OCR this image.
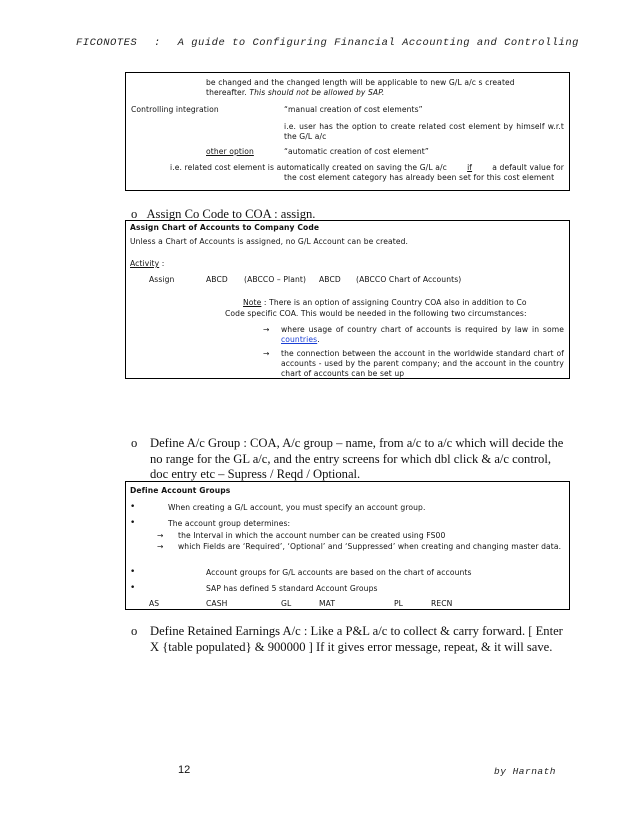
FICONOTES : A guide to Configuring Financial Accounting and Controlling
be changed and the changed length will be applicable to new G/L a/c s created
thereafter. This should not be allowed by SAP.
Controlling integration	“manual creation of cost elements”
i.e. user has the option to create related cost element by himself w.r.t the G/L a/c
other option	“automatic creation of cost element”
i.e. related cost element is automatically created on saving the G/L a/c	if	a default value for
the cost element category has already been set for this cost element
o Assign Co Code to COA : assign.
Assign Chart of Accounts to Company Code
Unless a Chart of Accounts is assigned, no G/L Account can be created.
Activity :
Assign	ABCD (ABCCO – Plant) ABCD (ABCCO Chart of Accounts)
Note : There is an option of assigning Country COA also in addition to Co
Code specific COA. This would be needed in the following two circumstances:
→ where usage of country chart of accounts is required by law in some countries.
→ the connection between the account in the worldwide standard chart of accounts - used by the parent company; and the account in the country chart of accounts can be set up
o Define A/c Group : COA, A/c group – name, from a/c to a/c which will decide the no range for the GL a/c, and the entry screens for which dbl click & a/c control, doc entry etc – Supress / Reqd / Optional.
Define Account Groups
•	When creating a G/L account, you must specify an account group.
•	The account group determines:
→ the Interval in which the account number can be created using FS00
→ which Fields are ‘Required’, ‘Optional’ and ‘Suppressed’ when creating and changing master data.
•	Account groups for G/L accounts are based on the chart of accounts
•	SAP has defined 5 standard Account Groups
AS	CASH	GL	MAT	PL	RECN
o Define Retained Earnings A/c : Like a P&L a/c to collect & carry forward. [ Enter X {table populated} & 900000 ] If it gives error message, repeat, & it will save.
12	by Harnath
